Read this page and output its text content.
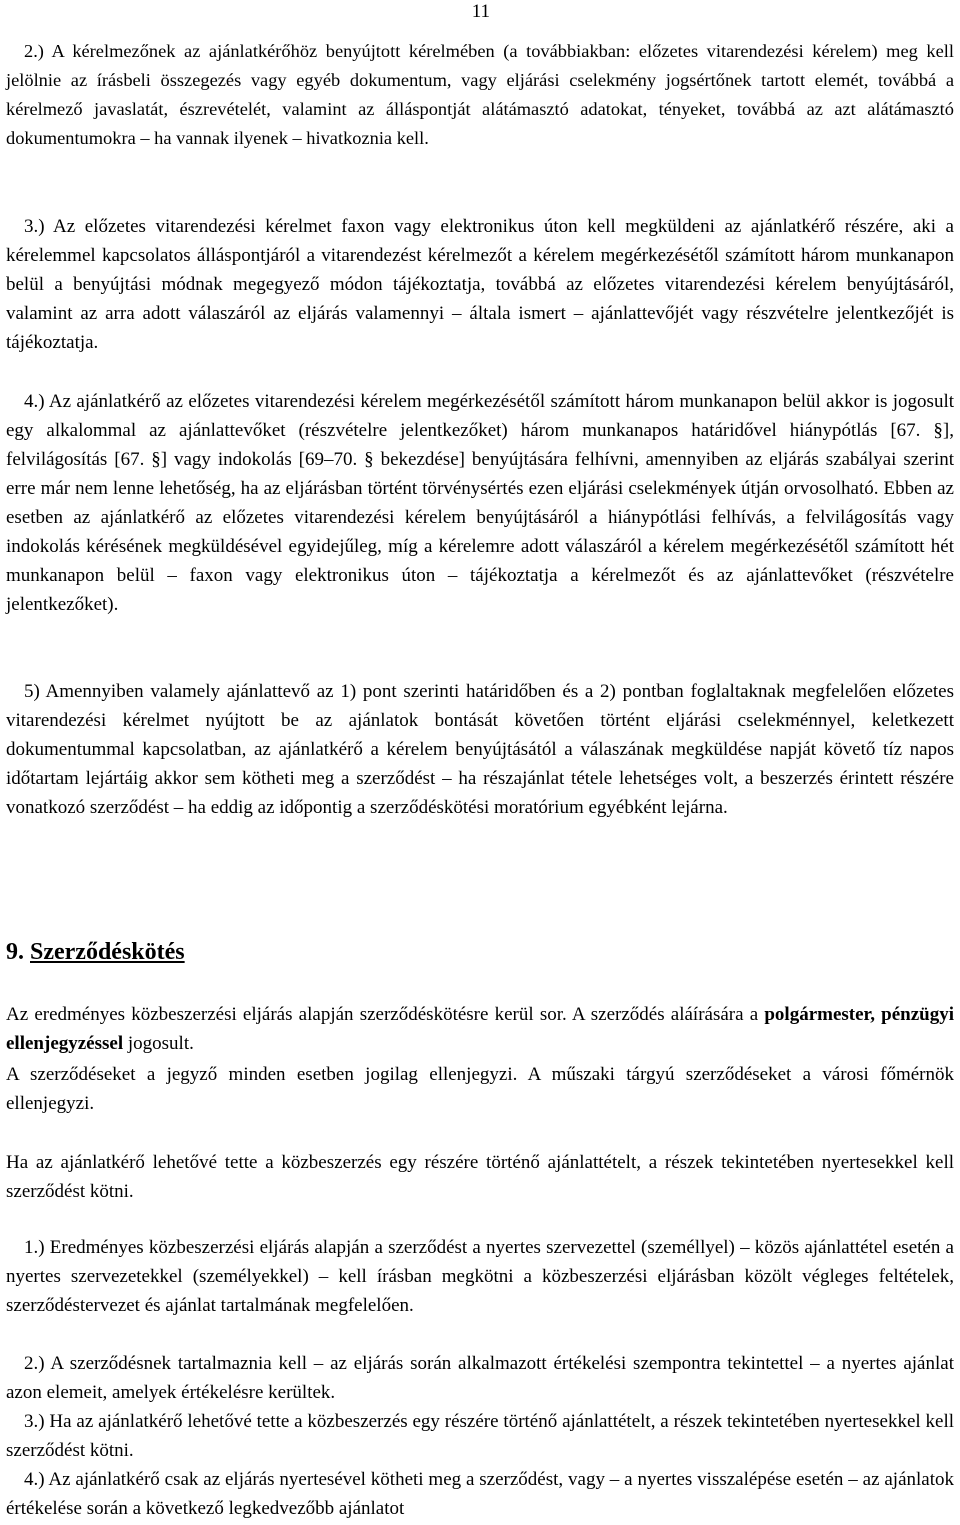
11

2.) A kérelmezőnek az ajánlatkérőhöz benyújtott kérelmében (a továbbiakban: előzetes vitarendezési kérelem) meg kell jelölnie az írásbeli összegezés vagy egyéb dokumentum, vagy eljárási cselekmény jogsértőnek tartott elemét, továbbá a kérelmező javaslatát, észrevételét, valamint az álláspontját alátámasztó adatokat, tényeket, továbbá az azt alátámasztó dokumentumokra – ha vannak ilyenek – hivatkoznia kell.

3.) Az előzetes vitarendezési kérelmet faxon vagy elektronikus úton kell megküldeni az ajánlatkérő részére, aki a kérelemmel kapcsolatos álláspontjáról a vitarendezést kérelmezőt a kérelem megérkezésétől számított három munkanapon belül a benyújtási módnak megegyező módon tájékoztatja, továbbá az előzetes vitarendezési kérelem benyújtásáról, valamint az arra adott válaszáról az eljárás valamennyi – általa ismert – ajánlattevőjét vagy részvételre jelentkezőjét is tájékoztatja.

4.) Az ajánlatkérő az előzetes vitarendezési kérelem megérkezésétől számított három munkanapon belül akkor is jogosult egy alkalommal az ajánlattevőket (részvételre jelentkezőket) három munkanapos határidővel hiánypótlás [67. §], felvilágosítás [67. §] vagy indokolás [69–70. § bekezdése] benyújtására felhívni, amennyiben az eljárás szabályai szerint erre már nem lenne lehetőség, ha az eljárásban történt törvénysértés ezen eljárási cselekmények útján orvosolható. Ebben az esetben az ajánlatkérő az előzetes vitarendezési kérelem benyújtásáról a hiánypótlási felhívás, a felvilágosítás vagy indokolás kérésének megküldésével egyidejűleg, míg a kérelemre adott válaszáról a kérelem megérkezésétől számított hét munkanapon belül – faxon vagy elektronikus úton – tájékoztatja a kérelmezőt és az ajánlattevőket (részvételre jelentkezőket).

5) Amennyiben valamely ajánlattevő az 1) pont szerinti határidőben és a 2) pontban foglaltaknak megfelelően előzetes vitarendezési kérelmet nyújtott be az ajánlatok bontását követően történt eljárási cselekménnyel, keletkezett dokumentummal kapcsolatban, az ajánlatkérő a kérelem benyújtásától a válaszának megküldése napját követő tíz napos időtartam lejártáig akkor sem kötheti meg a szerződést – ha részajánlat tétele lehetséges volt, a beszerzés érintett részére vonatkozó szerződést – ha eddig az időpontig a szerződéskötési moratórium egyébként lejárna.

9. Szerződéskötés

Az eredményes közbeszerzési eljárás alapján szerződéskötésre kerül sor. A szerződés aláírására a polgármester, pénzügyi ellenjegyzéssel jogosult.

A szerződéseket a jegyző minden esetben jogilag ellenjegyzi. A műszaki tárgyú szerződéseket a városi főmérnök ellenjegyzi.

Ha az ajánlatkérő lehetővé tette a közbeszerzés egy részére történő ajánlattételt, a részek tekintetében nyertesekkel kell szerződést kötni.

1.) Eredményes közbeszerzési eljárás alapján a szerződést a nyertes szervezettel (személlyel) – közös ajánlattétel esetén a nyertes szervezetekkel (személyekkel) – kell írásban megkötni a közbeszerzési eljárásban közölt végleges feltételek, szerződéstervezet és ajánlat tartalmának megfelelően.

2.) A szerződésnek tartalmaznia kell – az eljárás során alkalmazott értékelési szempontra tekintettel – a nyertes ajánlat azon elemeit, amelyek értékelésre kerültek.

3.) Ha az ajánlatkérő lehetővé tette a közbeszerzés egy részére történő ajánlattételt, a részek tekintetében nyertesekkel kell szerződést kötni.

4.) Az ajánlatkérő csak az eljárás nyertesével kötheti meg a szerződést, vagy – a nyertes visszalépése esetén – az ajánlatok értékelése során a következő legkedvezőbb ajánlatot
